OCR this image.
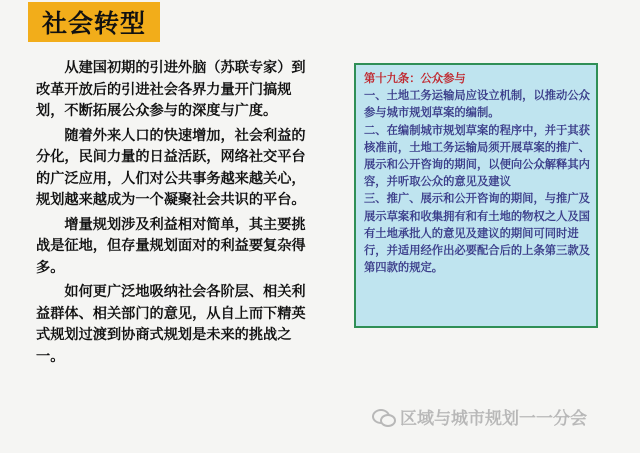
社会转型

从建国初期的引进外脑（苏联专家）到改革开放后的引进社会各界力量开门搞规划，不断拓展公众参与的深度与广度。

随着外来人口的快速增加，社会利益的分化，民间力量的日益活跃，网络社交平台的广泛应用，人们对公共事务越来越关心，规划越来越成为一个凝聚社会共识的平台。

增量规划涉及利益相对简单，其主要挑战是征地，但存量规划面对的利益要复杂得多。

如何更广泛地吸纳社会各阶层、相关利益群体、相关部门的意见，从自上而下精英式规划过渡到协商式规划是未来的挑战之一。

第十九条：公众参与
一、土地工务运输局应设立机制，以推动公众参与城市规划草案的编制。
二、在编制城市规划草案的程序中，并于其获核准前，土地工务运输局须开展草案的推广、展示和公开咨询的期间，以便向公众解释其内容，并听取公众的意见及建议
三、推广、展示和公开咨询的期间，与推广及展示草案和收集拥有和有土地的物权之人及国有土地承批人的意见及建议的期间可同时进行，并适用经作出必要配合后的上条第三款及第四款的规定。
区域与城市规划一一分会
